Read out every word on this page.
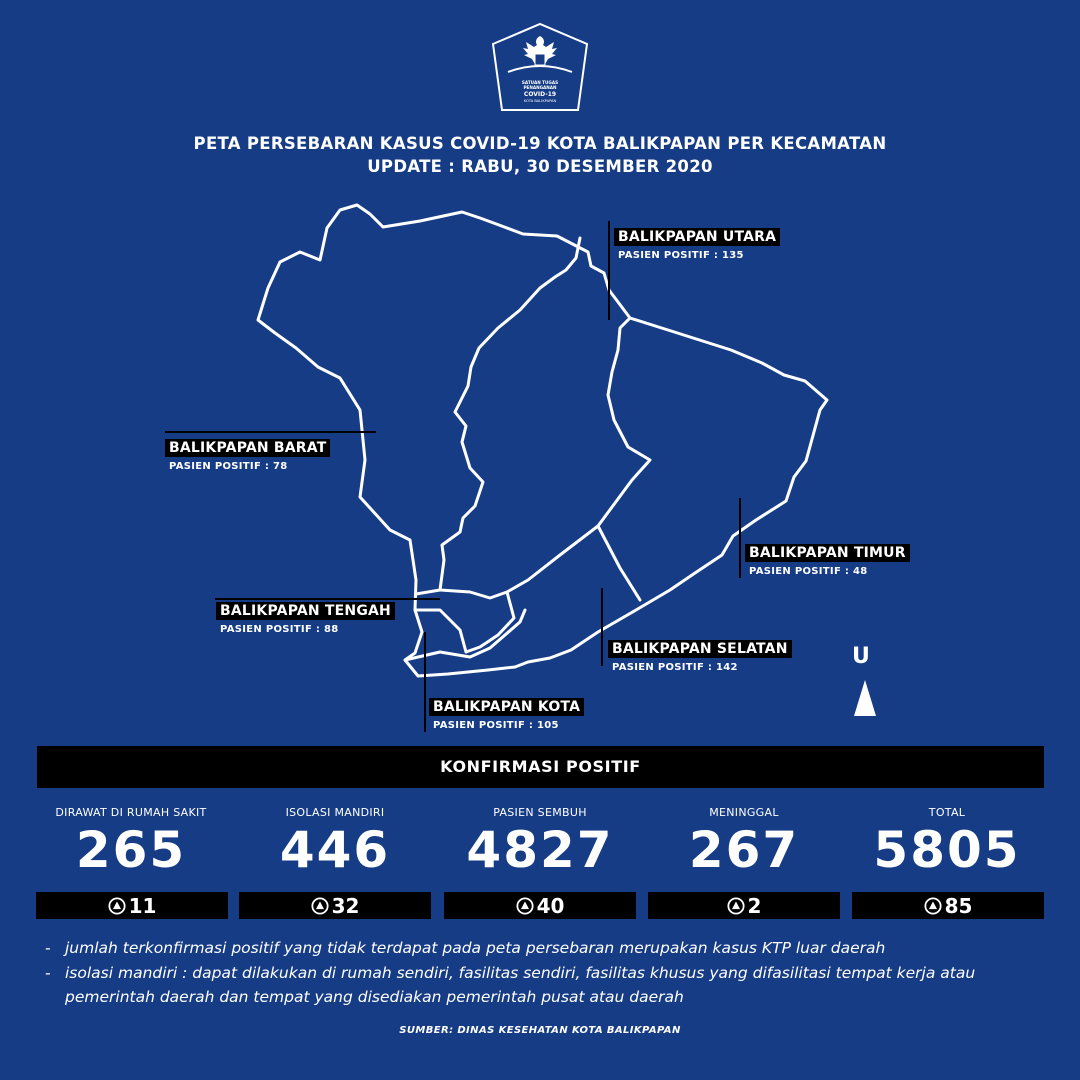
SATUAN TUGAS
PENANGANAN
COVID-19
KOTA BALIKPAPAN
PETA PERSEBARAN KASUS COVID-19 KOTA BALIKPAPAN PER KECAMATAN
UPDATE : RABU, 30 DESEMBER 2020
BALIKPAPAN UTARA
PASIEN POSITIF : 135
BALIKPAPAN BARAT
PASIEN POSITIF : 78
BALIKPAPAN TIMUR
PASIEN POSITIF : 48
BALIKPAPAN TENGAH
PASIEN POSITIF : 88
BALIKPAPAN SELATAN
PASIEN POSITIF : 142
BALIKPAPAN KOTA
PASIEN POSITIF : 105
U
KONFIRMASI POSITIF
DIRAWAT DI RUMAH SAKIT
265
ISOLASI MANDIRI
446
PASIEN SEMBUH
4827
MENINGGAL
267
TOTAL
5805
11	32	40	2	85
- jumlah terkonfirmasi positif yang tidak terdapat pada peta persebaran merupakan kasus KTP luar daerah
- isolasi mandiri : dapat dilakukan di rumah sendiri, fasilitas sendiri, fasilitas khusus yang difasilitasi tempat kerja atau pemerintah daerah dan tempat yang disediakan pemerintah pusat atau daerah
SUMBER: DINAS KESEHATAN KOTA BALIKPAPAN
